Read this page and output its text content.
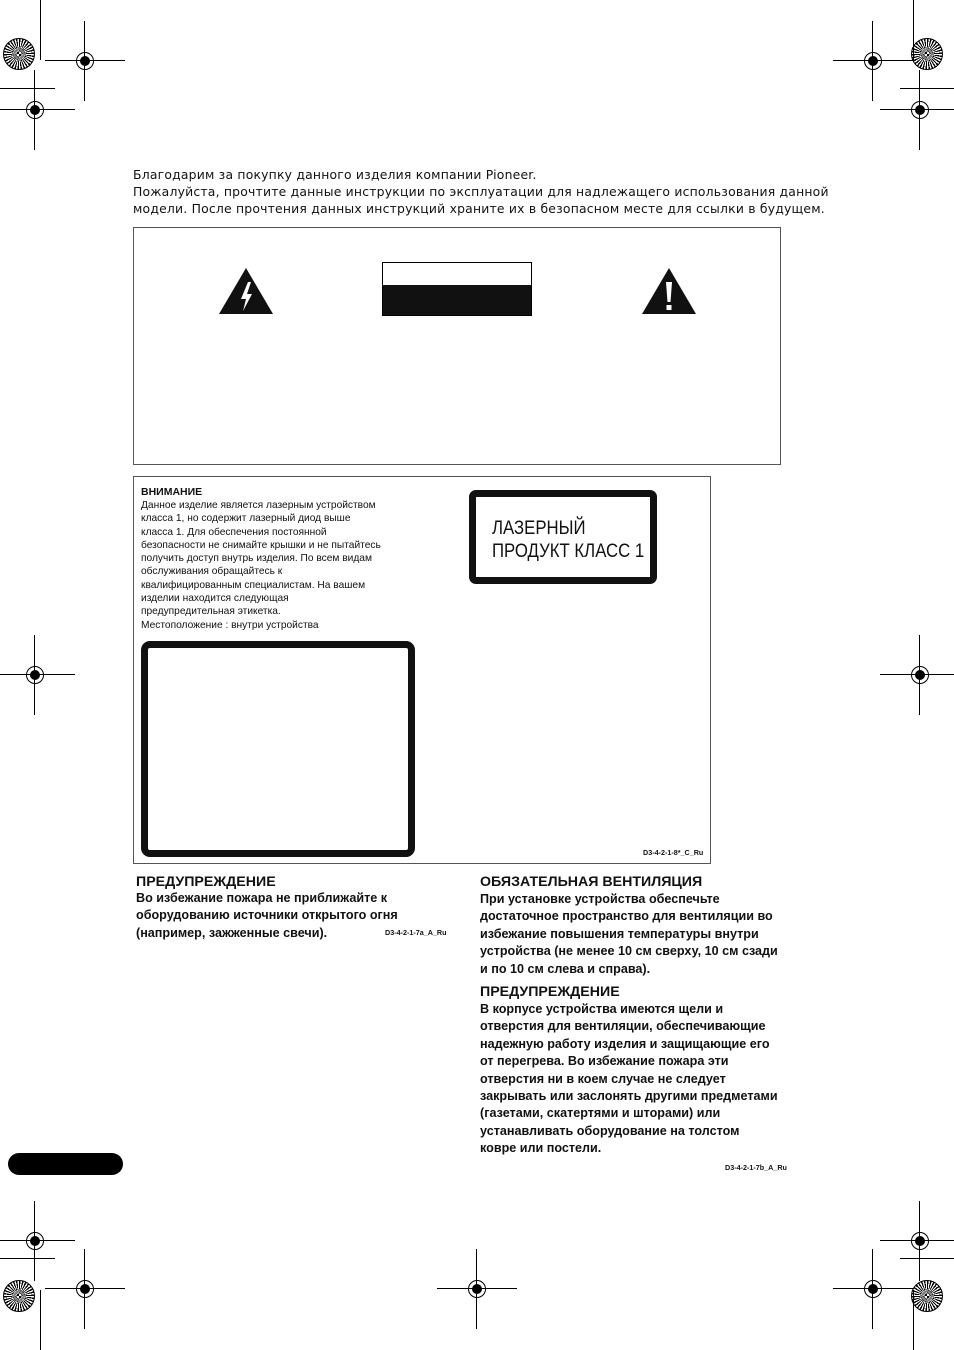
Благодарим за покупку данного изделия компании Pioneer.
Пожалуйста, прочтите данные инструкции по эксплуатации для надлежащего использования данной
модели. После прочтения данных инструкций храните их в безопасном месте для ссылки в будущем.
ВНИМАНИЕ
Данное изделие является лазерным устройством
класса 1, но содержит лазерный диод выше
класса 1. Для обеспечения постоянной
безопасности не снимайте крышки и не пытайтесь
получить доступ внутрь изделия. По всем видам
обслуживания обращайтесь к
квалифицированным специалистам. На вашем
изделии находится следующая
предупредительная этикетка.
Местоположение : внутри устройства
ЛАЗЕРНЫЙ
ПРОДУКТ КЛАСС 1
D3-4-2-1-8*_C_Ru
ПРЕДУПРЕЖДЕНИЕ
Во избежание пожара не приближайте к
оборудованию источники открытого огня
(например, зажженные свечи).	D3-4-2-1-7a_A_Ru
ОБЯЗАТЕЛЬНАЯ ВЕНТИЛЯЦИЯ
При установке устройства обеспечьте
достаточное пространство для вентиляции во
избежание повышения температуры внутри
устройства (не менее 10 см сверху, 10 см сзади
и по 10 см слева и справа).
ПРЕДУПРЕЖДЕНИЕ
В корпусе устройства имеются щели и
отверстия для вентиляции, обеспечивающие
надежную работу изделия и защищающие его
от перегрева. Во избежание пожара эти
отверстия ни в коем случае не следует
закрывать или заслонять другими предметами
(газетами, скатертями и шторами) или
устанавливать оборудование на толстом
ковре или постели.
D3-4-2-1-7b_A_Ru
